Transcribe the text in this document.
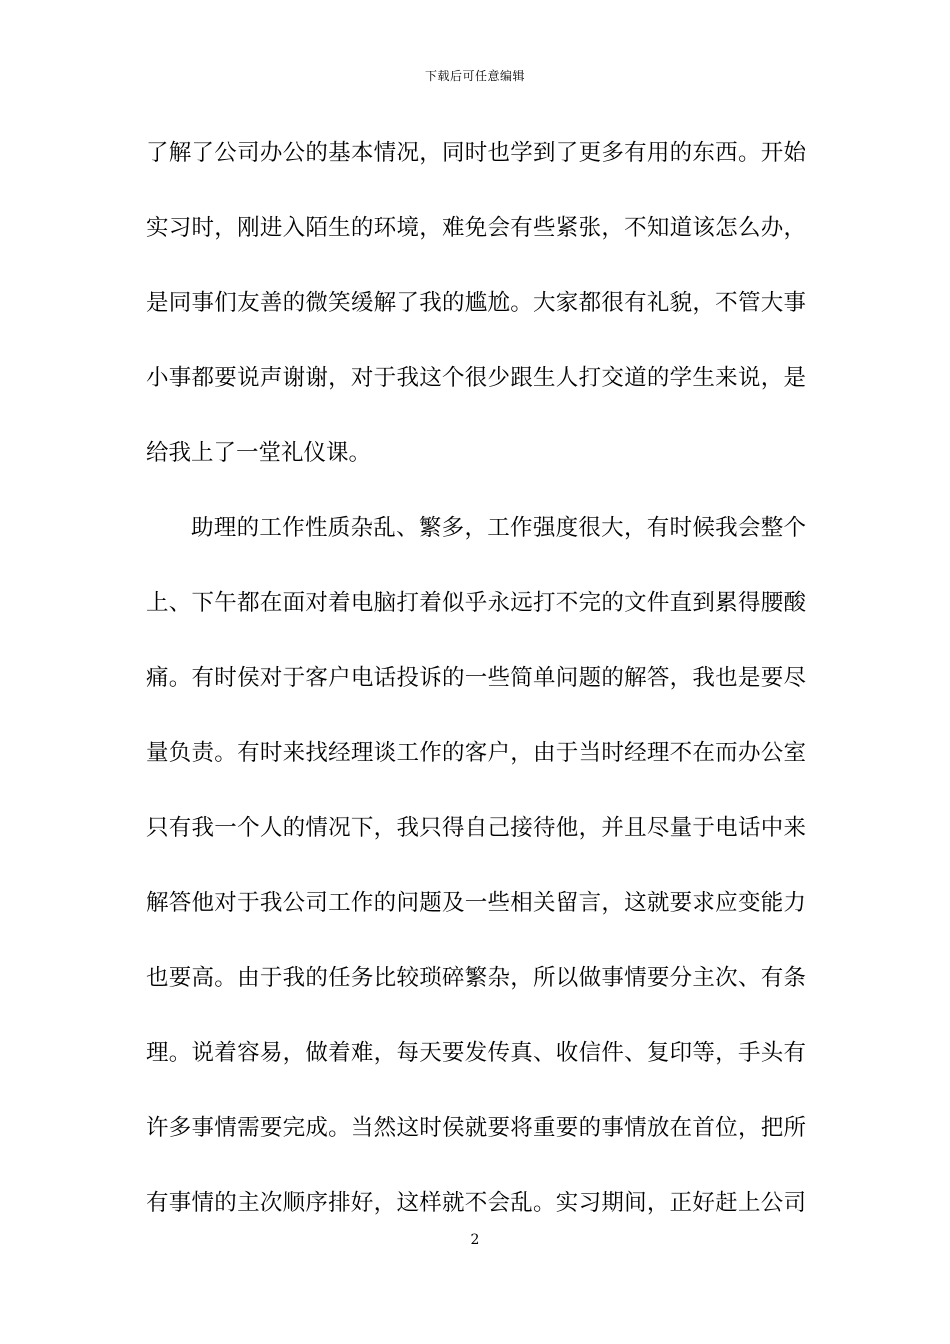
下载后可任意编辑
了解了公司办公的基本情况，同时也学到了更多有用的东西。开始
实习时，刚进入陌生的环境，难免会有些紧张，不知道该怎么办，
是同事们友善的微笑缓解了我的尴尬。大家都很有礼貌，不管大事
小事都要说声谢谢，对于我这个很少跟生人打交道的学生来说，是
给我上了一堂礼仪课。
助理的工作性质杂乱、繁多，工作强度很大，有时候我会整个
上、下午都在面对着电脑打着似乎永远打不完的文件直到累得腰酸
痛。有时侯对于客户电话投诉的一些简单问题的解答，我也是要尽
量负责。有时来找经理谈工作的客户，由于当时经理不在而办公室
只有我一个人的情况下，我只得自己接待他，并且尽量于电话中来
解答他对于我公司工作的问题及一些相关留言，这就要求应变能力
也要高。由于我的任务比较琐碎繁杂，所以做事情要分主次、有条
理。说着容易，做着难，每天要发传真、收信件、复印等，手头有
许多事情需要完成。当然这时侯就要将重要的事情放在首位，把所
有事情的主次顺序排好，这样就不会乱。实习期间，正好赶上公司
2
